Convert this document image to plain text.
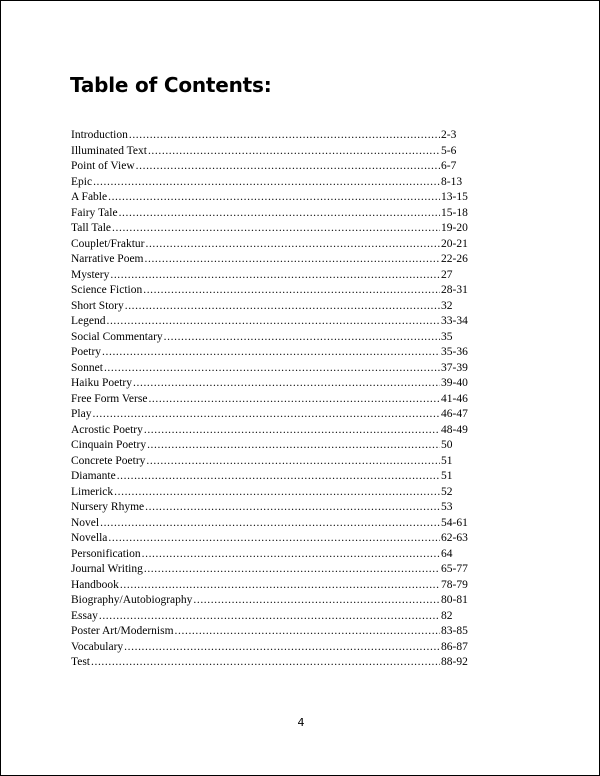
Table of Contents:
Introduction .....	2-3
Illuminated Text .....	5-6
Point of View .....	6-7
Epic .....	8-13
A Fable .....	13-15
Fairy Tale .....	15-18
Tall Tale .....	19-20
Couplet/Fraktur .....	20-21
Narrative Poem .....	22-26
Mystery .....	27
Science Fiction .....	28-31
Short Story .....	32
Legend .....	33-34
Social Commentary .....	35
Poetry .....	35-36
Sonnet .....	37-39
Haiku Poetry .....	39-40
Free Form Verse .....	41-46
Play .....	46-47
Acrostic Poetry .....	48-49
Cinquain Poetry .....	50
Concrete Poetry .....	51
Diamante .....	51
Limerick .....	52
Nursery Rhyme .....	53
Novel .....	54-61
Novella .....	62-63
Personification .....	64
Journal Writing .....	65-77
Handbook .....	78-79
Biography/Autobiography .....	80-81
Essay .....	82
Poster Art/Modernism .....	83-85
Vocabulary .....	86-87
Test .....	88-92

4
